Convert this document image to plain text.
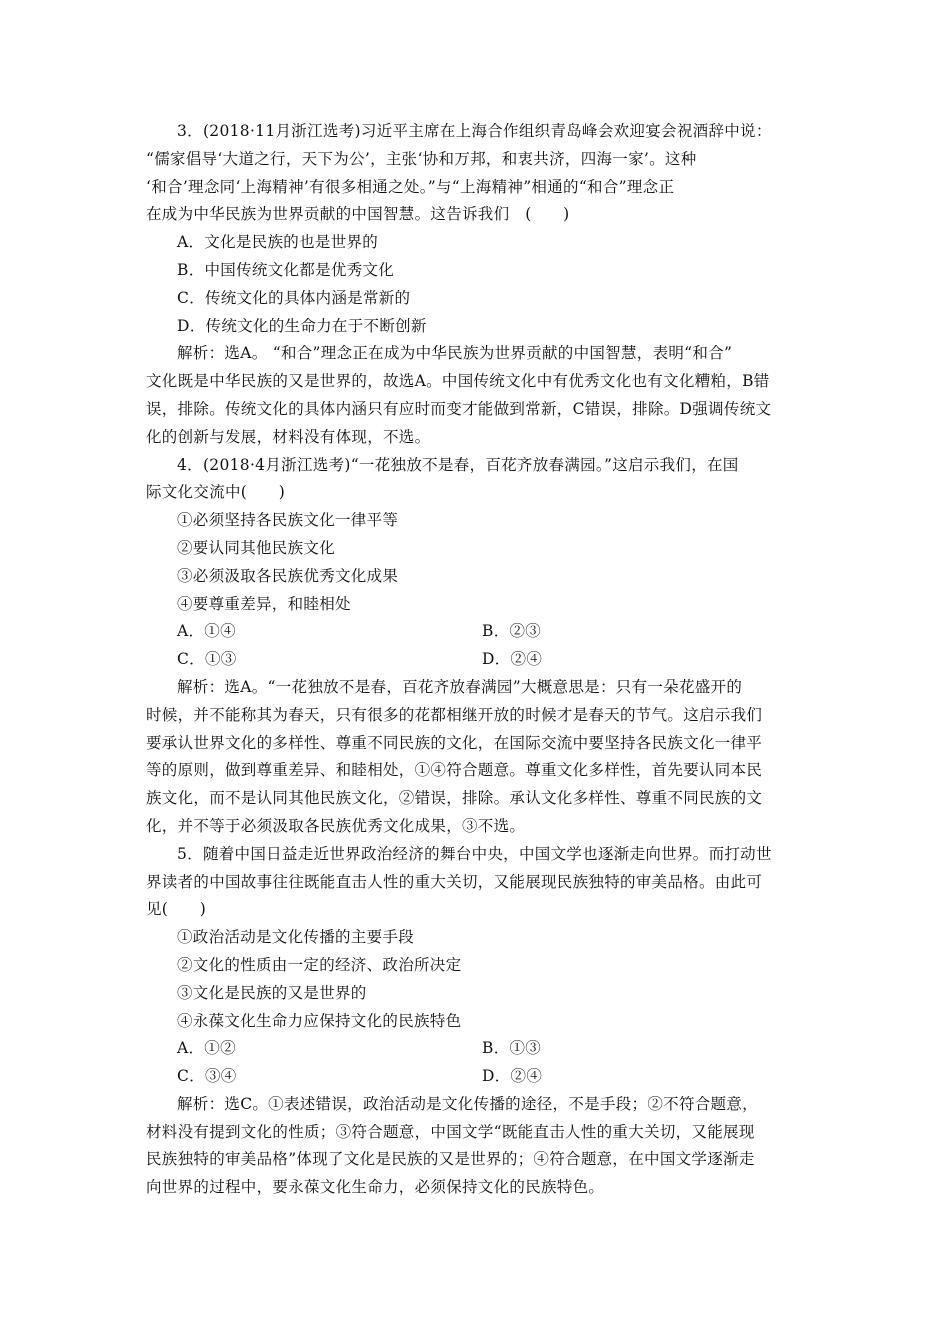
3．(2018·11月浙江选考)习近平主席在上海合作组织青岛峰会欢迎宴会祝酒辞中说：
“儒家倡导‘大道之行，天下为公’，主张‘协和万邦，和衷共济，四海一家’。这种
‘和合’理念同‘上海精神’有很多相通之处。”与“上海精神”相通的“和合”理念正
在成为中华民族为世界贡献的中国智慧。这告诉我们　(　　)
A．文化是民族的也是世界的
B．中国传统文化都是优秀文化
C．传统文化的具体内涵是常新的
D．传统文化的生命力在于不断创新
解析：选A。 “和合”理念正在成为中华民族为世界贡献的中国智慧，表明“和合”
文化既是中华民族的又是世界的，故选A。中国传统文化中有优秀文化也有文化糟粕，B错
误，排除。传统文化的具体内涵只有应时而变才能做到常新，C错误，排除。D强调传统文
化的创新与发展，材料没有体现，不选。
4．(2018·4月浙江选考)“一花独放不是春，百花齐放春满园。”这启示我们，在国
际文化交流中(　　)
①必须坚持各民族文化一律平等
②要认同其他民族文化
③必须汲取各民族优秀文化成果
④要尊重差异，和睦相处
A．①④	B．②③
C．①③	D．②④
解析：选A。“一花独放不是春，百花齐放春满园”大概意思是：只有一朵花盛开的
时候，并不能称其为春天，只有很多的花都相继开放的时候才是春天的节气。这启示我们
要承认世界文化的多样性、尊重不同民族的文化，在国际交流中要坚持各民族文化一律平
等的原则，做到尊重差异、和睦相处，①④符合题意。尊重文化多样性，首先要认同本民
族文化，而不是认同其他民族文化，②错误，排除。承认文化多样性、尊重不同民族的文
化，并不等于必须汲取各民族优秀文化成果，③不选。
5．随着中国日益走近世界政治经济的舞台中央，中国文学也逐渐走向世界。而打动世
界读者的中国故事往往既能直击人性的重大关切，又能展现民族独特的审美品格。由此可
见(　　)
①政治活动是文化传播的主要手段
②文化的性质由一定的经济、政治所决定
③文化是民族的又是世界的
④永葆文化生命力应保持文化的民族特色
A．①②	B．①③
C．③④	D．②④
解析：选C。①表述错误，政治活动是文化传播的途径，不是手段；②不符合题意，
材料没有提到文化的性质；③符合题意，中国文学“既能直击人性的重大关切，又能展现
民族独特的审美品格”体现了文化是民族的又是世界的；④符合题意，在中国文学逐渐走
向世界的过程中，要永葆文化生命力，必须保持文化的民族特色。
